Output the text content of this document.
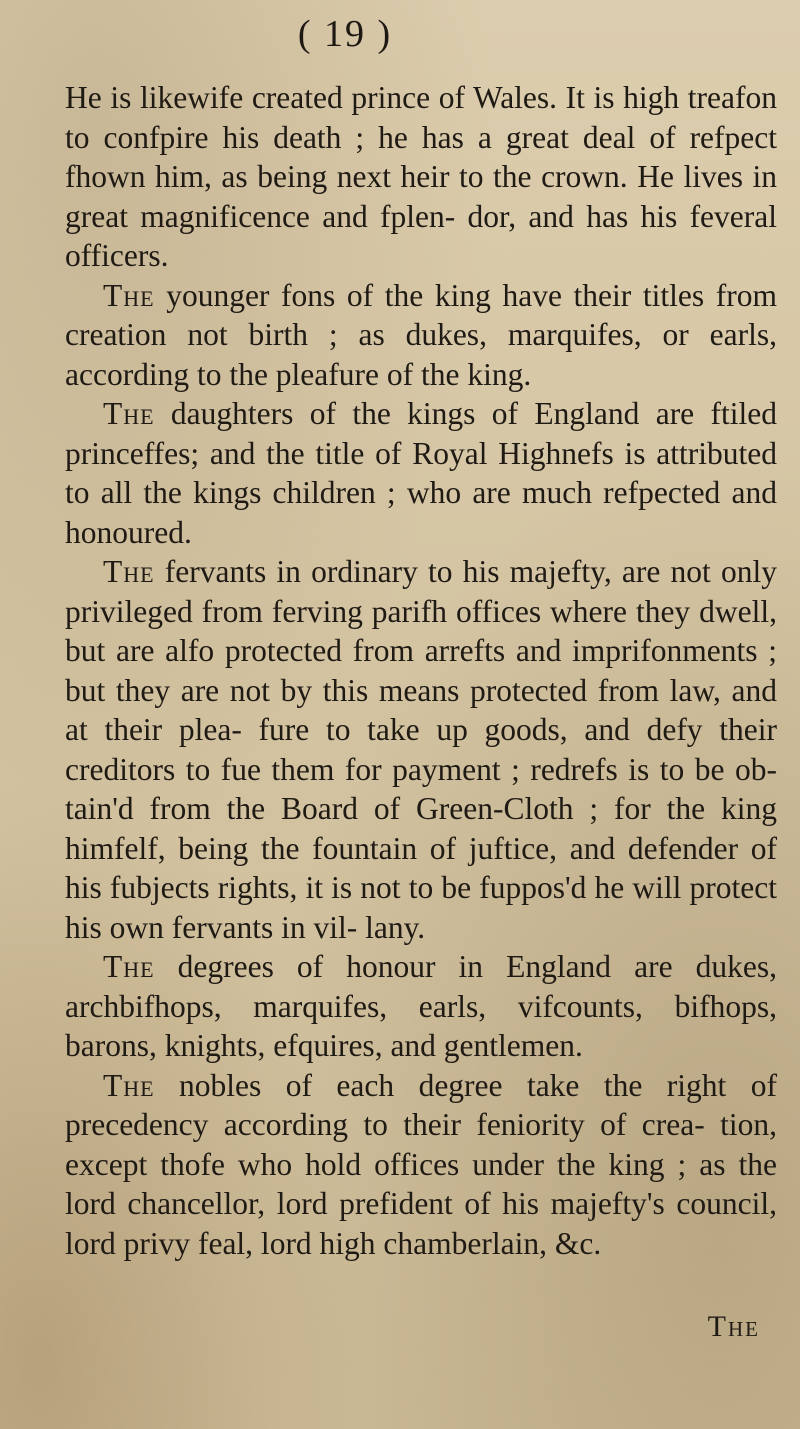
( 19 )

He is likewife created prince of Wales. It is high treafon to confpire his death ; he has a great deal of refpect fhown him, as being next heir to the crown. He lives in great magnificence and fplen- dor, and has his feveral officers.

The younger fons of the king have their titles from creation not birth ; as dukes, marquifes, or earls, according to the pleafure of the king.

The daughters of the kings of England are ftiled princeffes; and the title of Royal Highnefs is attributed to all the kings children ; who are much refpected and honoured.

The fervants in ordinary to his majefty, are not only privileged from ferving parifh offices where they dwell, but are alfo protected from arrefts and imprifonments ; but they are not by this means protected from law, and at their plea- fure to take up goods, and defy their creditors to fue them for payment ; redrefs is to be ob- tain'd from the Board of Green-Cloth ; for the king himfelf, being the fountain of juftice, and defender of his fubjects rights, it is not to be fuppos'd he will protect his own fervants in vil- lany.

The degrees of honour in England are dukes, archbifhops, marquifes, earls, vifcounts, bifhops, barons, knights, efquires, and gentlemen.

The nobles of each degree take the right of precedency according to their feniority of crea- tion, except thofe who hold offices under the king ; as the lord chancellor, lord prefident of his majefty's council, lord privy feal, lord high chamberlain, &c.

The
